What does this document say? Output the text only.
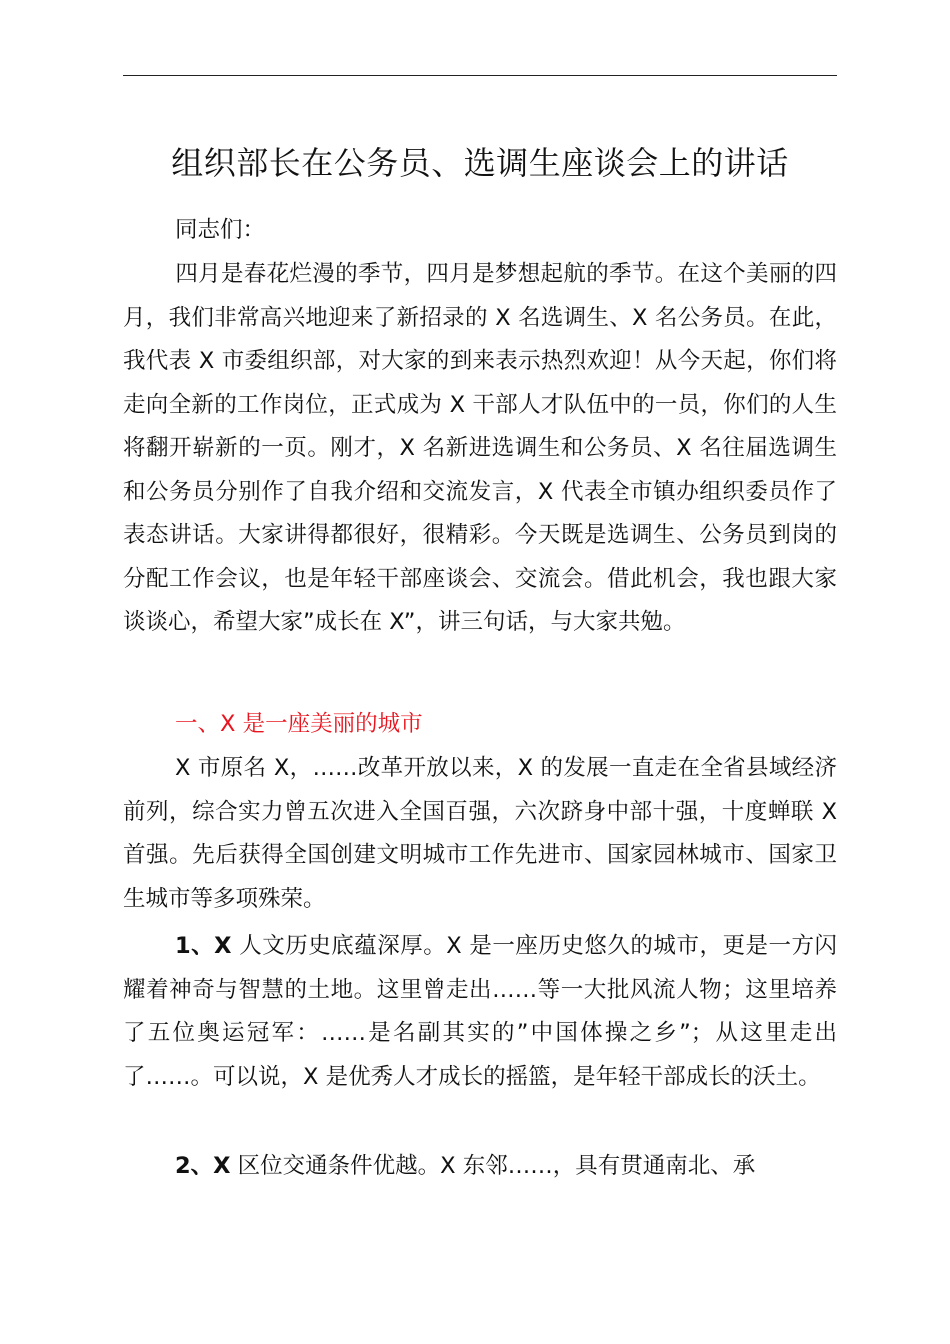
组织部长在公务员、选调生座谈会上的讲话
同志们：
四月是春花烂漫的季节，四月是梦想起航的季节。在这个美丽的四月，我们非常高兴地迎来了新招录的 X 名选调生、X 名公务员。在此，我代表 X 市委组织部，对大家的到来表示热烈欢迎！从今天起，你们将走向全新的工作岗位，正式成为 X 干部人才队伍中的一员，你们的人生将翻开崭新的一页。刚才，X 名新进选调生和公务员、X 名往届选调生和公务员分别作了自我介绍和交流发言，X 代表全市镇办组织委员作了表态讲话。大家讲得都很好，很精彩。今天既是选调生、公务员到岗的分配工作会议，也是年轻干部座谈会、交流会。借此机会，我也跟大家谈谈心，希望大家”成长在 X”，讲三句话，与大家共勉。
一、X 是一座美丽的城市
X 市原名 X，……改革开放以来，X 的发展一直走在全省县域经济前列，综合实力曾五次进入全国百强，六次跻身中部十强，十度蝉联 X 首强。先后获得全国创建文明城市工作先进市、国家园林城市、国家卫生城市等多项殊荣。
1、X 人文历史底蕴深厚。X 是一座历史悠久的城市，更是一方闪耀着神奇与智慧的土地。这里曾走出……等一大批风流人物；这里培养了五位奥运冠军：……是名副其实的”中国体操之乡”；从这里走出了……。可以说，X 是优秀人才成长的摇篮，是年轻干部成长的沃土。
2、X 区位交通条件优越。X 东邻……，具有贯通南北、承
